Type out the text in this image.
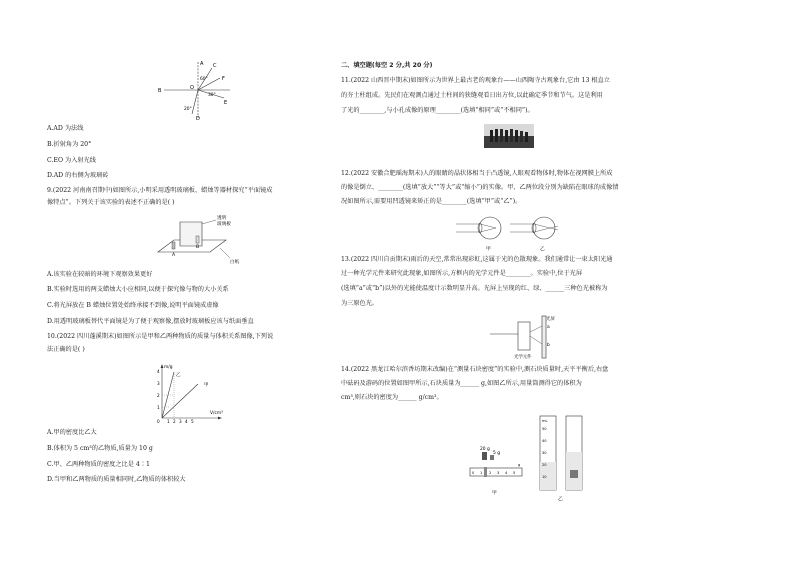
A
B
C
F
O
E
D
60°
30°
20°
A.AD 为法线
B.折射角为 20°
C.EO 为入射光线
D.AD 的右侧为玻璃砖
9.(2022 河南南召期中)如图所示,小明采用透明玻璃板、蜡烛等器材探究“平面镜成
像特点”。下列关于该实验的表述不正确的是( )
透明
玻璃板
白纸
A
B
A.该实验在较暗的环境下观察效果更好
B.实验时选用的两支蜡烛大小应相同,以便于探究像与物的大小关系
C.将光屏放在 B 蜡烛位置处始终承接不到像,说明平面镜成虚像
D.用透明玻璃板替代平面镜是为了便于观察像,摆放时玻璃板应该与纸面垂直
10.(2022 四川蓬溪期末)如图所示是甲和乙两种物质的质量与体积关系图像,下列说
法正确的是( )
m/g
V/cm³
甲
乙
1
2
3
4
0 1 2 3 4 5
A.甲的密度比乙大
B.体积为 5 cm³的乙物质,质量为 10 g
C.甲、乙两种物质的密度之比是 4∶1
D.当甲和乙两物质的质量相同时,乙物质的体积较大
二、填空题(每空 2 分,共 20 分)
11.(2022 山西晋中期末)如图所示为世界上最古老的观象台——山西陶寺古观象台,它由 13 根直立
的夯土柱组成。先民们在观测点通过土柱间的狭缝观看日出方位,以此确定季节和节气。这是利用
了光的________,与小孔成像的原理________(选填“相同”或“不相同”)。
12.(2022 安徽合肥瑶海期末)人的眼睛的晶状体相当于凸透镜,人眼观看物体时,物体在视网膜上所成
的像是倒立、________(选填“放大”“等大”或“缩小”)的实像。甲、乙两位段分别为缺陷在眼球的成像情
况如图所示,需要用凹透镜来矫正的是________(选填“甲”或“乙”)。
甲	乙
13.(2022 四川自贡期末)雨后的天空,常常出现彩虹,这属于光的色散现象。我们通常让一束太阳光通
过一种光学元件来研究此现象,如图所示,方框内的光学元件是________。实验中,位于光屏
(选填“a”或“b”)以外的光能使温度计示数明显升高。光屏上呈现的红、绿、______三种色光被称为
为三原色光。
光屏
光学元件
a
b
14.(2022 黑龙江哈尔滨香坊期末改编)在“测量石块密度”的实验中,测石块质量时,天平平衡后,右盘
中砝码及游码的位置如图甲所示,石块质量为______ g,如图乙所示,用量筒测得它的体积为
cm³,则石块的密度为______ g/cm³。
20 g
5 g
0 1 2 3 4 5
g
甲
mL
50
40
30
20
10
乙
